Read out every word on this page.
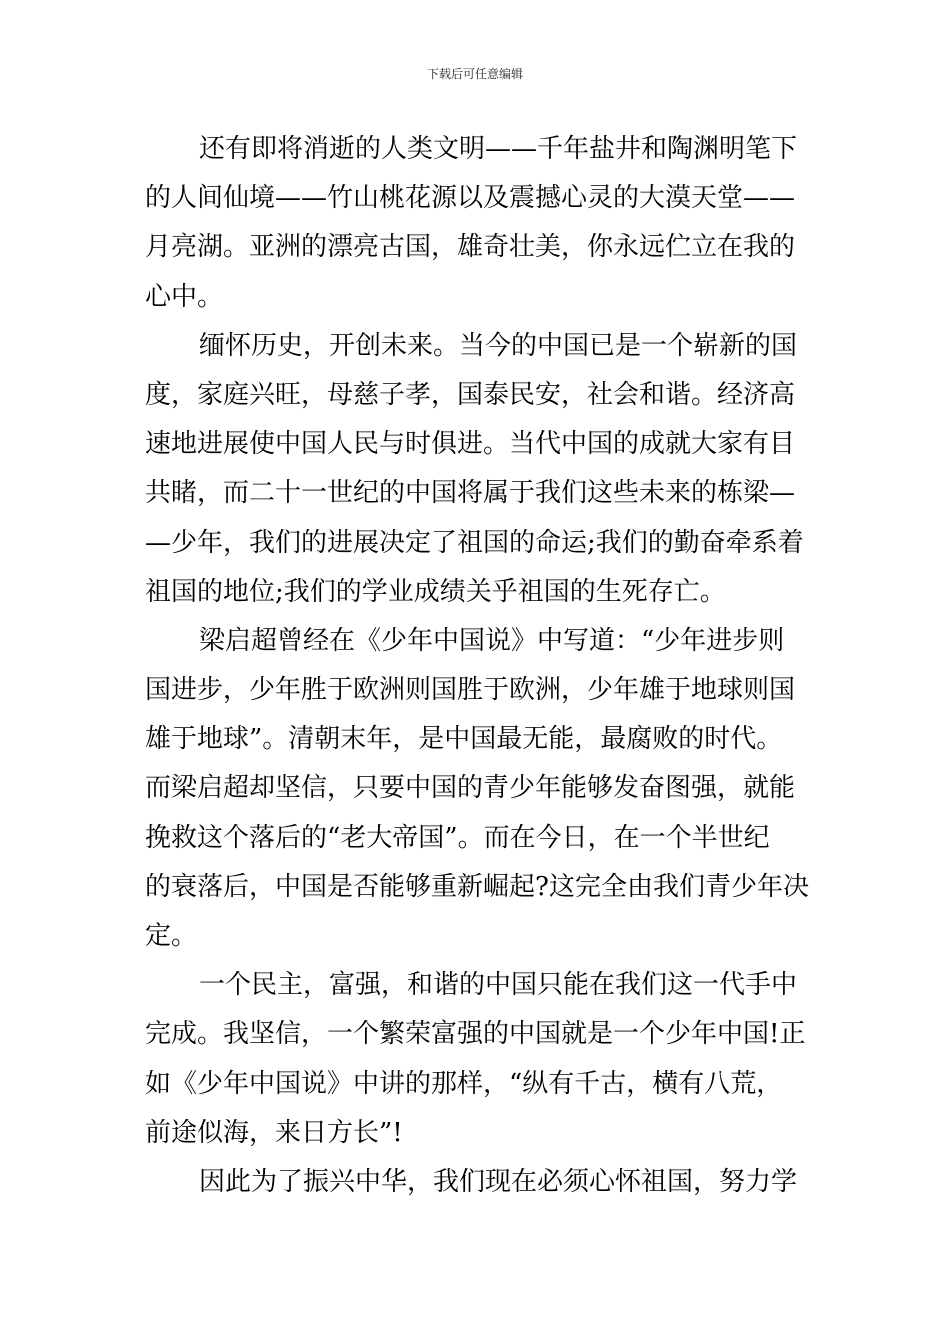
下载后可任意编辑
还有即将消逝的人类文明——千年盐井和陶渊明笔下
的人间仙境——竹山桃花源以及震撼心灵的大漠天堂——
月亮湖。亚洲的漂亮古国，雄奇壮美，你永远伫立在我的
心中。
缅怀历史，开创未来。当今的中国已是一个崭新的国
度，家庭兴旺，母慈子孝，国泰民安，社会和谐。经济高
速地进展使中国人民与时俱进。当代中国的成就大家有目
共睹，而二十一世纪的中国将属于我们这些未来的栋梁—
—少年，我们的进展决定了祖国的命运;我们的勤奋牵系着
祖国的地位;我们的学业成绩关乎祖国的生死存亡。
梁启超曾经在《少年中国说》中写道：“少年进步则
国进步，少年胜于欧洲则国胜于欧洲，少年雄于地球则国
雄于地球”。清朝末年，是中国最无能，最腐败的时代。
而梁启超却坚信，只要中国的青少年能够发奋图强，就能
挽救这个落后的“老大帝国”。而在今日，在一个半世纪
的衰落后，中国是否能够重新崛起?这完全由我们青少年决
定。
一个民主，富强，和谐的中国只能在我们这一代手中
完成。我坚信，一个繁荣富强的中国就是一个少年中国!正
如《少年中国说》中讲的那样，“纵有千古，横有八荒，
前途似海，来日方长”!
因此为了振兴中华，我们现在必须心怀祖国，努力学
